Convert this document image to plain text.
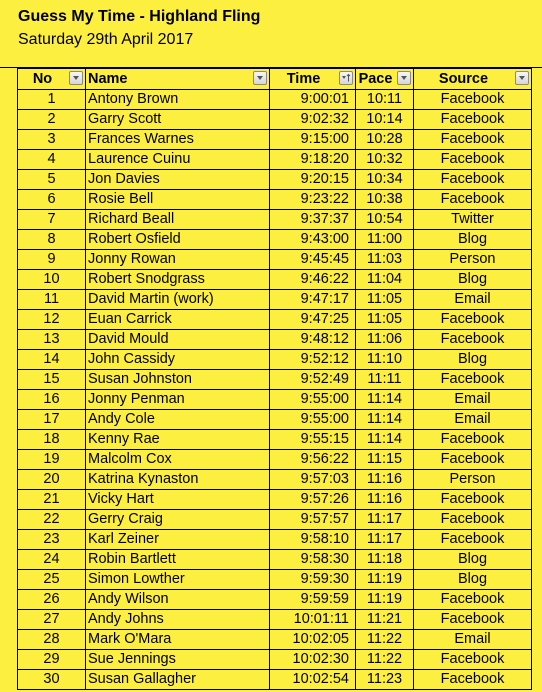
Guess My Time - Highland Fling
Saturday 29th April 2017
No	Name	Time	Pace	Source
1	Antony Brown	9:00:01	10:11	Facebook
2	Garry Scott	9:02:32	10:14	Facebook
3	Frances Warnes	9:15:00	10:28	Facebook
4	Laurence Cuinu	9:18:20	10:32	Facebook
5	Jon Davies	9:20:15	10:34	Facebook
6	Rosie Bell	9:23:22	10:38	Facebook
7	Richard Beall	9:37:37	10:54	Twitter
8	Robert Osfield	9:43:00	11:00	Blog
9	Jonny Rowan	9:45:45	11:03	Person
10	Robert Snodgrass	9:46:22	11:04	Blog
11	David Martin (work)	9:47:17	11:05	Email
12	Euan Carrick	9:47:25	11:05	Facebook
13	David Mould	9:48:12	11:06	Facebook
14	John Cassidy	9:52:12	11:10	Blog
15	Susan Johnston	9:52:49	11:11	Facebook
16	Jonny Penman	9:55:00	11:14	Email
17	Andy Cole	9:55:00	11:14	Email
18	Kenny Rae	9:55:15	11:14	Facebook
19	Malcolm Cox	9:56:22	11:15	Facebook
20	Katrina Kynaston	9:57:03	11:16	Person
21	Vicky Hart	9:57:26	11:16	Facebook
22	Gerry Craig	9:57:57	11:17	Facebook
23	Karl Zeiner	9:58:10	11:17	Facebook
24	Robin Bartlett	9:58:30	11:18	Blog
25	Simon Lowther	9:59:30	11:19	Blog
26	Andy Wilson	9:59:59	11:19	Facebook
27	Andy Johns	10:01:11	11:21	Facebook
28	Mark O'Mara	10:02:05	11:22	Email
29	Sue Jennings	10:02:30	11:22	Facebook
30	Susan Gallagher	10:02:54	11:23	Facebook
